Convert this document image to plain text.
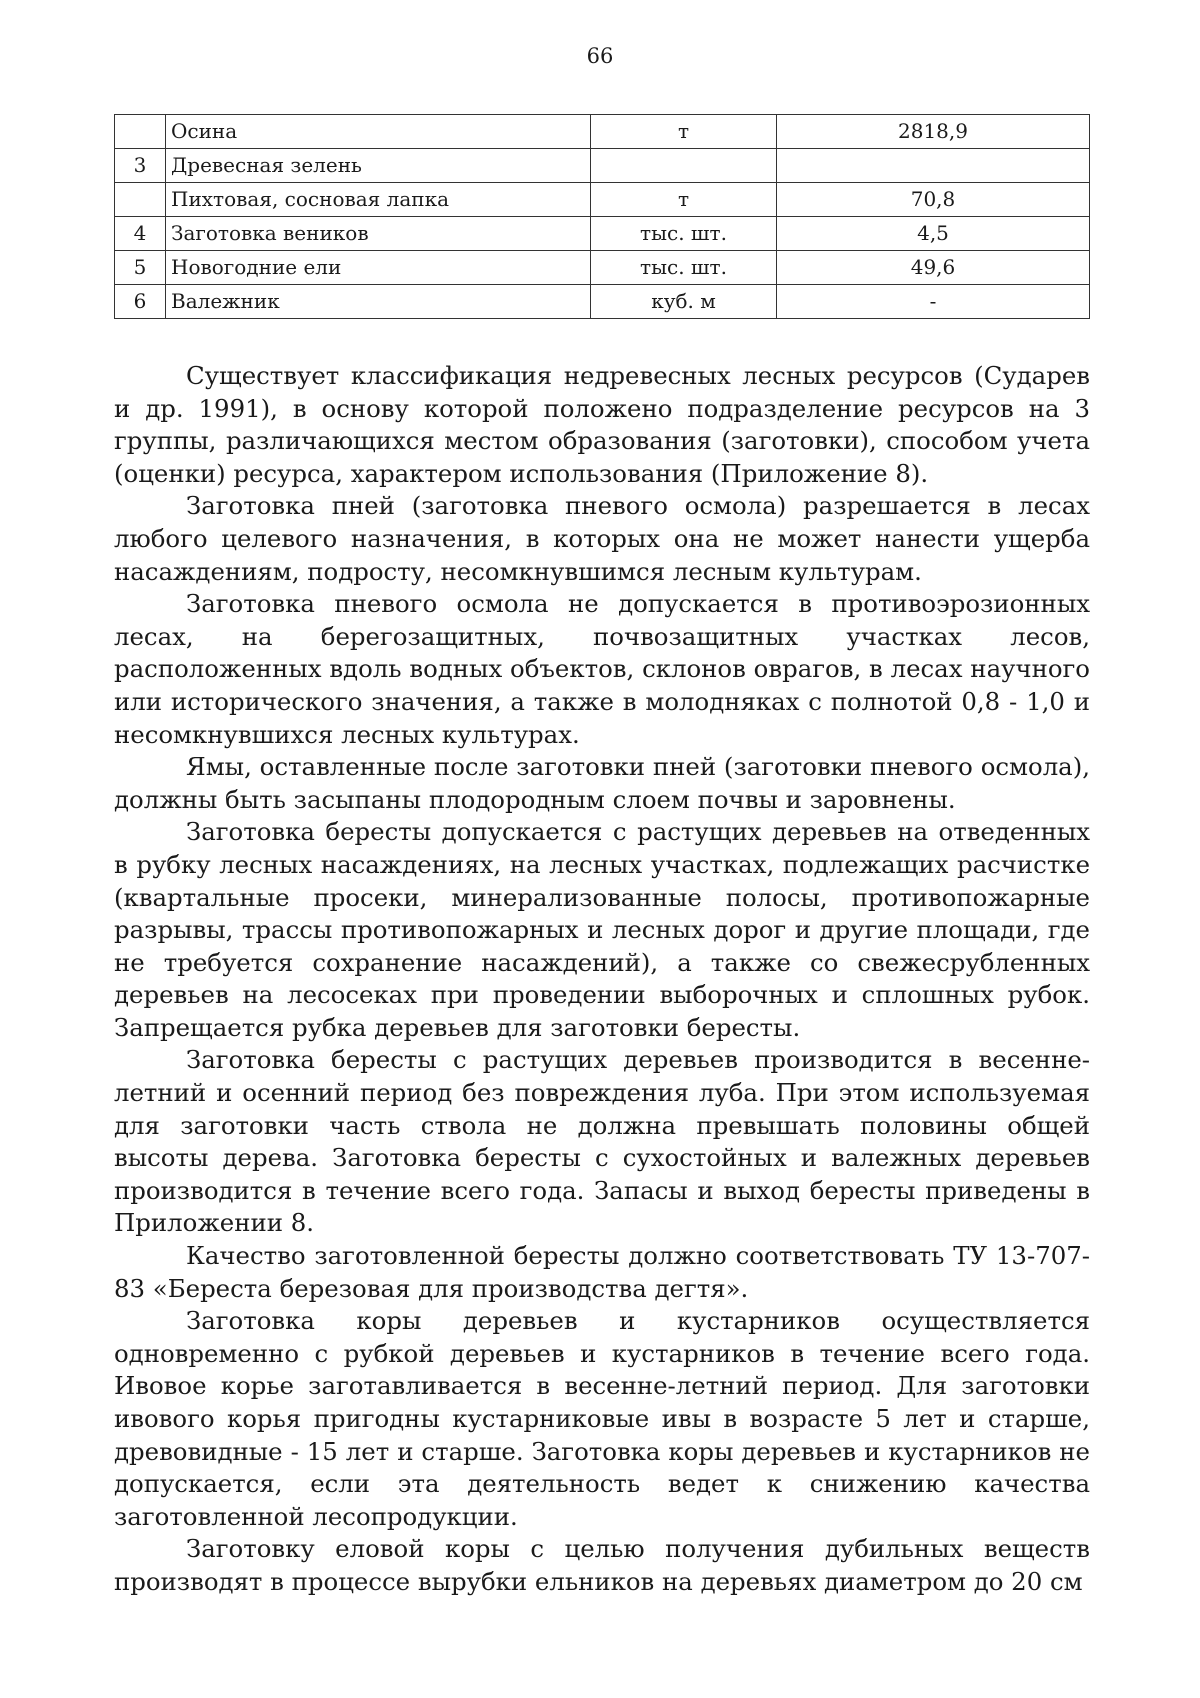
66
	Осина	т	2818,9
3	Древесная зелень		
	Пихтовая, сосновая лапка	т	70,8
4	Заготовка веников	тыс. шт.	4,5
5	Новогодние ели	тыс. шт.	49,6
6	Валежник	куб. м	-

Существует классификация недревесных лесных ресурсов (Сударев и др. 1991), в основу которой положено подразделение ресурсов на 3 группы, различающихся местом образования (заготовки), способом учета (оценки) ресурса, характером использования (Приложение 8).

Заготовка пней (заготовка пневого осмола) разрешается в лесах любого целевого назначения, в которых она не может нанести ущерба насаждениям, подросту, несомкнувшимся лесным культурам.

Заготовка пневого осмола не допускается в противоэрозионных лесах, на берегозащитных, почвозащитных участках лесов, расположенных вдоль водных объектов, склонов оврагов, в лесах научного или исторического значения, а также в молодняках с полнотой 0,8 - 1,0 и несомкнувшихся лесных культурах.

Ямы, оставленные после заготовки пней (заготовки пневого осмола), должны быть засыпаны плодородным слоем почвы и заровнены.

Заготовка бересты допускается с растущих деревьев на отведенных в рубку лесных насаждениях, на лесных участках, подлежащих расчистке (квартальные просеки, минерализованные полосы, противопожарные разрывы, трассы противопожарных и лесных дорог и другие площади, где не требуется сохранение насаждений), а также со свежесрубленных деревьев на лесосеках при проведении выборочных и сплошных рубок. Запрещается рубка деревьев для заготовки бересты.

Заготовка бересты с растущих деревьев производится в весенне-летний и осенний период без повреждения луба. При этом используемая для заготовки часть ствола не должна превышать половины общей высоты дерева. Заготовка бересты с сухостойных и валежных деревьев производится в течение всего года. Запасы и выход бересты приведены в Приложении 8.

Качество заготовленной бересты должно соответствовать ТУ 13-707-83 «Береста березовая для производства дегтя».

Заготовка коры деревьев и кустарников осуществляется одновременно с рубкой деревьев и кустарников в течение всего года. Ивовое корье заготавливается в весенне-летний период. Для заготовки ивового корья пригодны кустарниковые ивы в возрасте 5 лет и старше, древовидные - 15 лет и старше. Заготовка коры деревьев и кустарников не допускается, если эта деятельность ведет к снижению качества заготовленной лесопродукции.

Заготовку еловой коры с целью получения дубильных веществ производят в процессе вырубки ельников на деревьях диаметром до 20 см
